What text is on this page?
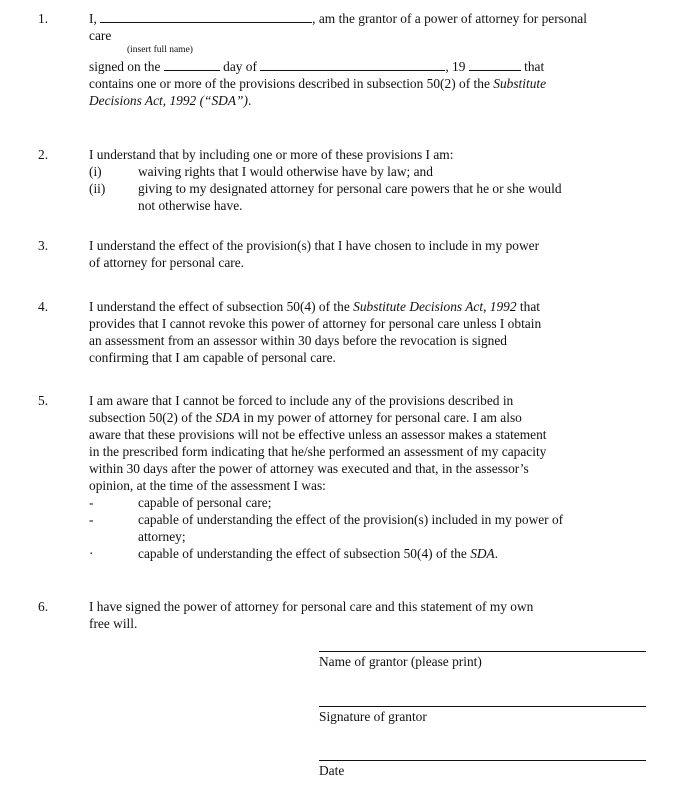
1.	I,	, am the grantor of a power of attorney for personal
care
(insert full name)
signed on the	day of	, 19	that
contains one or more of the provisions described in subsection 50(2) of the Substitute
Decisions Act, 1992 (“SDA”).
2.	I understand that by including one or more of these provisions I am:
(i)	waiving rights that I would otherwise have by law; and
(ii) giving to my designated attorney for personal care powers that he or she would
not otherwise have.
3.	I understand the effect of the provision(s) that I have chosen to include in my power
of attorney for personal care.
4.	I understand the effect of subsection 50(4) of the Substitute Decisions Act, 1992 that
provides that I cannot revoke this power of attorney for personal care unless I obtain
an assessment from an assessor within 30 days before the revocation is signed
confirming that I am capable of personal care.
5.	I am aware that I cannot be forced to include any of the provisions described in
subsection 50(2) of the SDA in my power of attorney for personal care. I am also
aware that these provisions will not be effective unless an assessor makes a statement
in the prescribed form indicating that he/she performed an assessment of my capacity
within 30 days after the power of attorney was executed and that, in the assessor’s
opinion, at the time of the assessment I was:
-	capable of personal care;
-	capable of understanding the effect of the provision(s) included in my power of
attorney;
·	capable of understanding the effect of subsection 50(4) of the SDA.
6.	I have signed the power of attorney for personal care and this statement of my own
free will.
Name of grantor (please print)
Signature of grantor
Date
